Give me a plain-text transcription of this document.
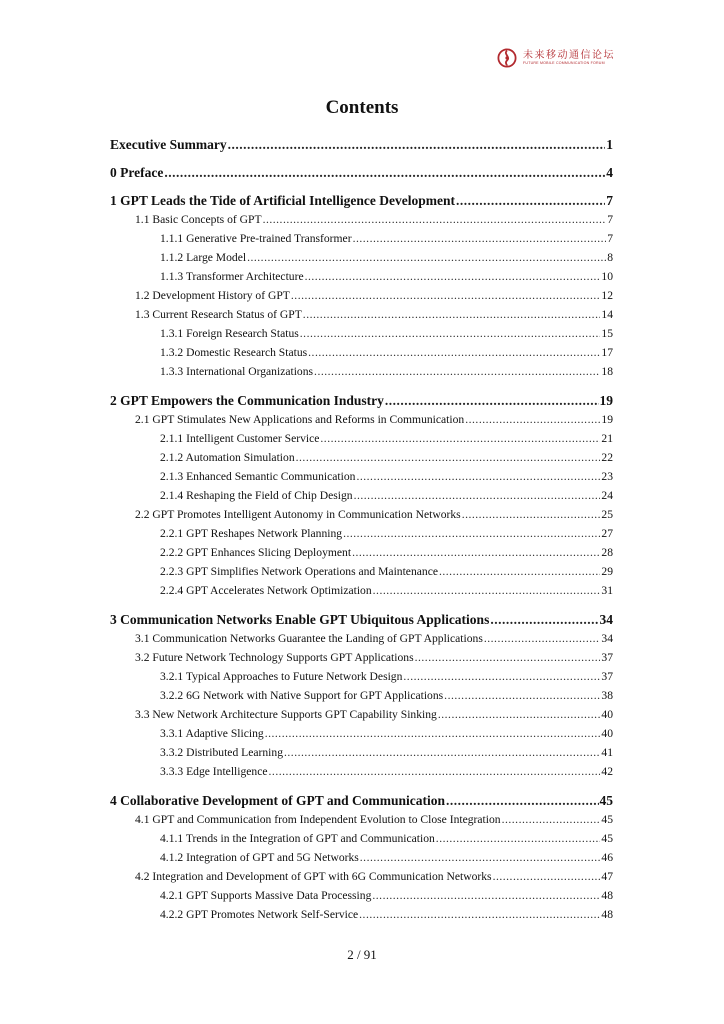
未来移动通信论坛
FUTURE MOBILE COMMUNICATION FORUM
Contents
Executive Summary .....	1
0 Preface .....	4
1 GPT Leads the Tide of Artificial Intelligence Development .....	7
1.1 Basic Concepts of GPT .....	7
1.1.1 Generative Pre-trained Transformer .....	7
1.1.2 Large Model .....	8
1.1.3 Transformer Architecture .....	10
1.2 Development History of GPT .....	12
1.3 Current Research Status of GPT .....	14
1.3.1 Foreign Research Status .....	15
1.3.2 Domestic Research Status .....	17
1.3.3 International Organizations .....	18
2 GPT Empowers the Communication Industry .....	19
2.1 GPT Stimulates New Applications and Reforms in Communication .....	19
2.1.1 Intelligent Customer Service .....	21
2.1.2 Automation Simulation .....	22
2.1.3 Enhanced Semantic Communication .....	23
2.1.4 Reshaping the Field of Chip Design .....	24
2.2 GPT Promotes Intelligent Autonomy in Communication Networks .....	25
2.2.1 GPT Reshapes Network Planning .....	27
2.2.2 GPT Enhances Slicing Deployment .....	28
2.2.3 GPT Simplifies Network Operations and Maintenance .....	29
2.2.4 GPT Accelerates Network Optimization .....	31
3 Communication Networks Enable GPT Ubiquitous Applications .....	34
3.1 Communication Networks Guarantee the Landing of GPT Applications .....	34
3.2 Future Network Technology Supports GPT Applications .....	37
3.2.1 Typical Approaches to Future Network Design .....	37
3.2.2 6G Network with Native Support for GPT Applications .....	38
3.3 New Network Architecture Supports GPT Capability Sinking .....	40
3.3.1 Adaptive Slicing .....	40
3.3.2 Distributed Learning .....	41
3.3.3 Edge Intelligence .....	42
4 Collaborative Development of GPT and Communication .....	45
4.1 GPT and Communication from Independent Evolution to Close Integration .....	45
4.1.1 Trends in the Integration of GPT and Communication .....	45
4.1.2 Integration of GPT and 5G Networks .....	46
4.2 Integration and Development of GPT with 6G Communication Networks .....	47
4.2.1 GPT Supports Massive Data Processing .....	48
4.2.2 GPT Promotes Network Self-Service .....	48
2 / 91
